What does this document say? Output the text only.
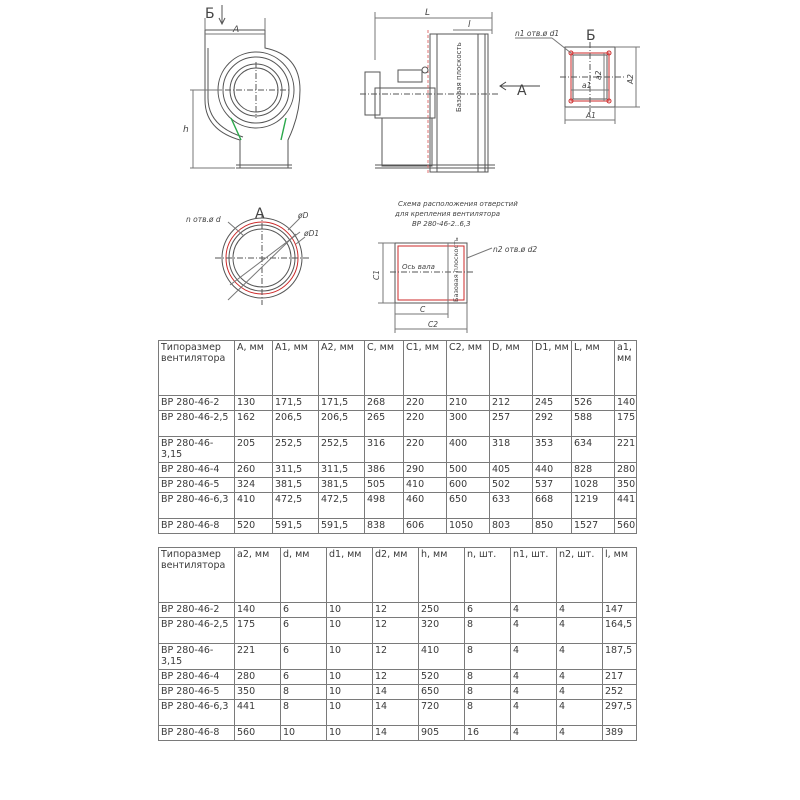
Б
A
h
L
l
A
Базовая плоскость
n1 отв.ø d1 Б
a2
a1
A2
A1
A
n отв.ø d	øD
øD1
Схема расположения отверстий
для крепления вентилятора
ВР 280-46-2..6,3
n2 отв.ø d2
C1
Ось вала	Базовая плоскость
C
C2
Типоразмер вентилятора	A, мм	A1, мм	A2, мм	C, мм	C1, мм	C2, мм	D, мм	D1, мм	L, мм	a1, мм
ВР 280-46-2	130	171,5	171,5	268	220	210	212	245	526	140
ВР 280-46-2,5	162	206,5	206,5	265	220	300	257	292	588	175
ВР 280-46-3,15	205	252,5	252,5	316	220	400	318	353	634	221
ВР 280-46-4	260	311,5	311,5	386	290	500	405	440	828	280
ВР 280-46-5	324	381,5	381,5	505	410	600	502	537	1028	350
ВР 280-46-6,3	410	472,5	472,5	498	460	650	633	668	1219	441
ВР 280-46-8	520	591,5	591,5	838	606	1050	803	850	1527	560
Типоразмер вентилятора	a2, мм	d, мм	d1, мм	d2, мм	h, мм	n, шт.	n1, шт.	n2, шт.	l, мм
ВР 280-46-2	140	6	10	12	250	6	4	4	147
ВР 280-46-2,5	175	6	10	12	320	8	4	4	164,5
ВР 280-46-3,15	221	6	10	12	410	8	4	4	187,5
ВР 280-46-4	280	6	10	12	520	8	4	4	217
ВР 280-46-5	350	8	10	14	650	8	4	4	252
ВР 280-46-6,3	441	8	10	14	720	8	4	4	297,5
ВР 280-46-8	560	10	10	14	905	16	4	4	389
